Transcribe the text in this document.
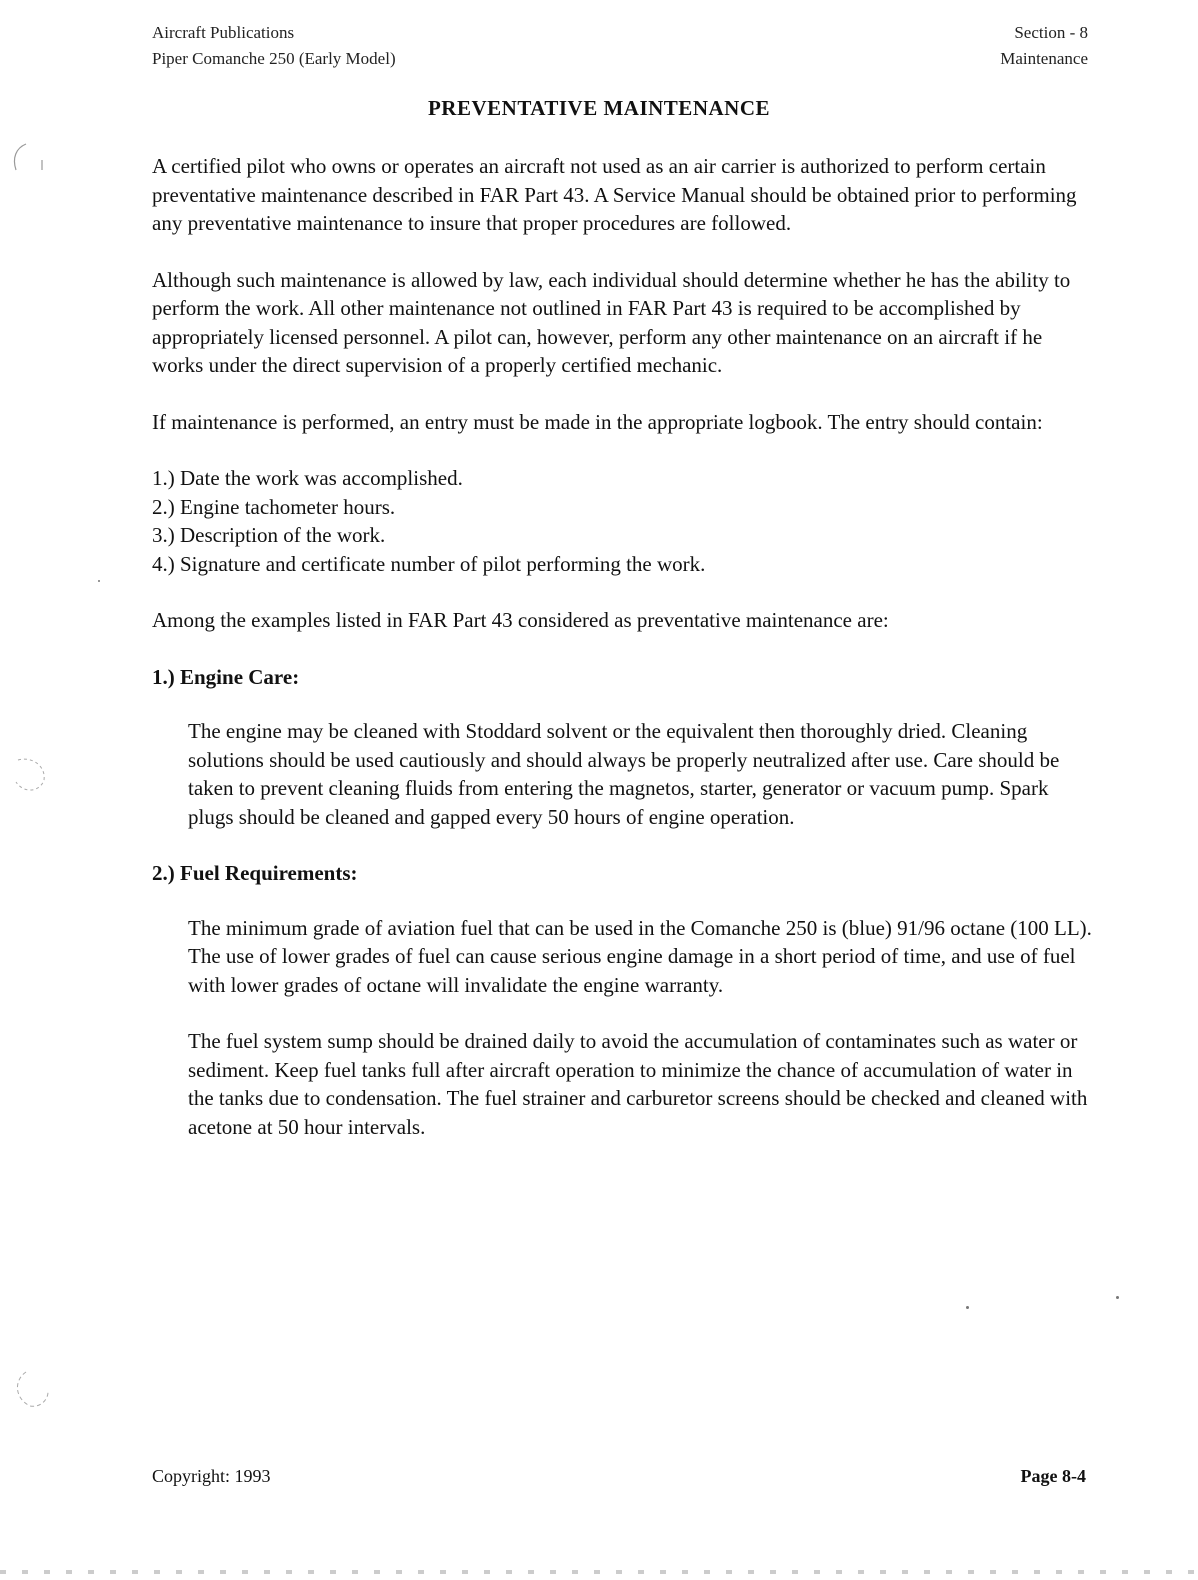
Aircraft Publications
Piper Comanche 250 (Early Model)
Section - 8
Maintenance
PREVENTATIVE MAINTENANCE

A certified pilot who owns or operates an aircraft not used as an air carrier is authorized to perform certain preventative maintenance described in FAR Part 43. A Service Manual should be obtained prior to performing any preventative maintenance to insure that proper procedures are followed.

Although such maintenance is allowed by law, each individual should determine whether he has the ability to perform the work. All other maintenance not outlined in FAR Part 43 is required to be accomplished by appropriately licensed personnel. A pilot can, however, perform any other maintenance on an aircraft if he works under the direct supervision of a properly certified mechanic.

If maintenance is performed, an entry must be made in the appropriate logbook. The entry should contain:

1.) Date the work was accomplished.
2.) Engine tachometer hours.
3.) Description of the work.
4.) Signature and certificate number of pilot performing the work.

Among the examples listed in FAR Part 43 considered as preventative maintenance are:

1.) Engine Care:

The engine may be cleaned with Stoddard solvent or the equivalent then thoroughly dried. Cleaning solutions should be used cautiously and should always be properly neutralized after use. Care should be taken to prevent cleaning fluids from entering the magnetos, starter, generator or vacuum pump. Spark plugs should be cleaned and gapped every 50 hours of engine operation.

2.) Fuel Requirements:

The minimum grade of aviation fuel that can be used in the Comanche 250 is (blue) 91/96 octane (100 LL). The use of lower grades of fuel can cause serious engine damage in a short period of time, and use of fuel with lower grades of octane will invalidate the engine warranty.

The fuel system sump should be drained daily to avoid the accumulation of contaminates such as water or sediment. Keep fuel tanks full after aircraft operation to minimize the chance of accumulation of water in the tanks due to condensation. The fuel strainer and carburetor screens should be checked and cleaned with acetone at 50 hour intervals.

Copyright: 1993	Page 8-4
